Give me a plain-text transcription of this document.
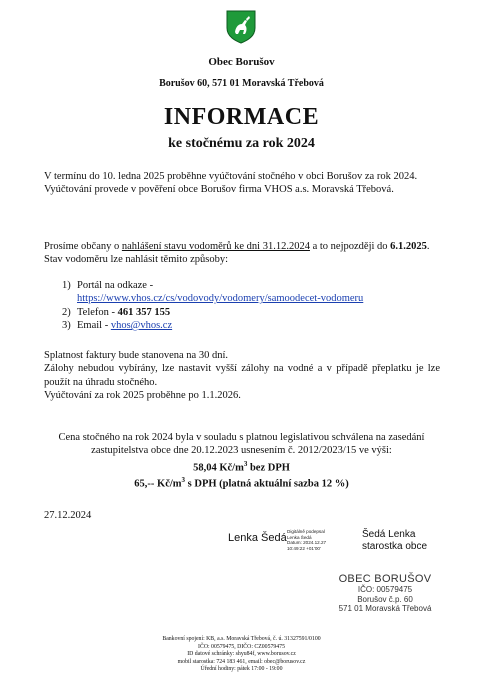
Obec Borušov
Borušov 60, 571 01 Moravská Třebová
INFORMACE
ke stočnému za rok 2024
V termínu do 10. ledna 2025 proběhne vyúčtování stočného v obci Borušov za rok 2024.
Vyúčtování provede v pověření obce Borušov firma VHOS a.s. Moravská Třebová.
Prosíme občany o nahlášení stavu vodoměrů ke dni 31.12.2024 a to nejpozději do 6.1.2025.
Stav vodoměru lze nahlásit těmito způsoby:
1) Portál na odkaze -
https://www.vhos.cz/cs/vodovody/vodomery/samoodecet-vodomeru
2) Telefon - 461 357 155
3) Email - vhos@vhos.cz
Splatnost faktury bude stanovena na 30 dní.
Zálohy nebudou vybírány, lze nastavit vyšší zálohy na vodné a v případě přeplatku je lze použít na úhradu stočného.
Vyúčtování za rok 2025 proběhne po 1.1.2026.
Cena stočného na rok 2024 byla v souladu s platnou legislativou schválena na zasedání zastupitelstva obce dne 20.12.2023 usnesením č. 2012/2023/15 ve výši:
58,04 $Kč/m^3$ bez DPH
65,-- $Kč/m^3$ s DPH (platná aktuální sazba 12 %)
27.12.2024
Lenka Šedá
Digitálně podepsal
Lenka Šedá
Datum: 2024.12.27
10:49:22 +01'00'
Šedá Lenka
starostka obce
OBEC BORUŠOV
IČO: 00579475
Borušov č.p. 60
571 01 Moravská Třebová
Bankovní spojení: KB, a.s. Moravská Třebová, č. ú. 31327591/0100
IČO: 00579475, DIČO: CZ00579475
ID datové schránky: shyu84f, www.borusov.cz
mobil starostka: 724 183 461, email: obec@borusov.cz
Úřední hodiny: pátek 17:00 - 19:00
